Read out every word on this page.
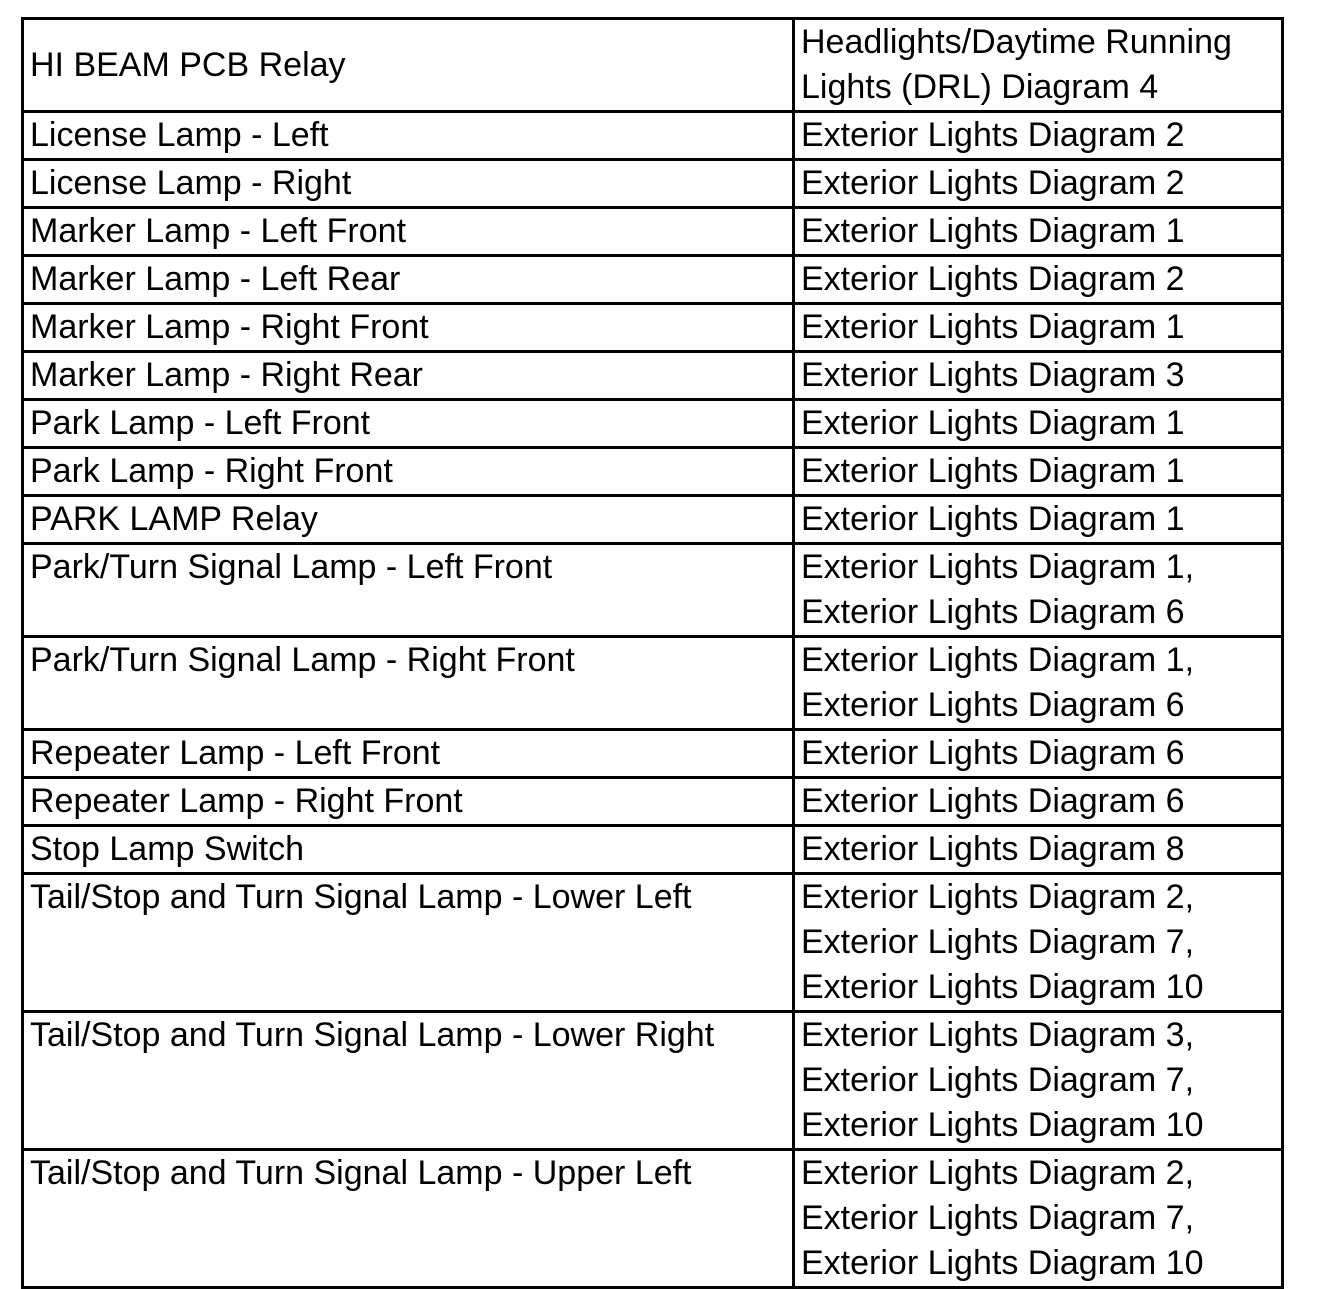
HI BEAM PCB Relay	Headlights/Daytime Running
Lights (DRL) Diagram 4

License Lamp - Left	Exterior Lights Diagram 2

License Lamp - Right	Exterior Lights Diagram 2

Marker Lamp - Left Front	Exterior Lights Diagram 1

Marker Lamp - Left Rear	Exterior Lights Diagram 2

Marker Lamp - Right Front	Exterior Lights Diagram 1

Marker Lamp - Right Rear	Exterior Lights Diagram 3

Park Lamp - Left Front	Exterior Lights Diagram 1

Park Lamp - Right Front	Exterior Lights Diagram 1

PARK LAMP Relay	Exterior Lights Diagram 1

Park/Turn Signal Lamp - Left Front	Exterior Lights Diagram 1,
Exterior Lights Diagram 6

Park/Turn Signal Lamp - Right Front	Exterior Lights Diagram 1,
Exterior Lights Diagram 6

Repeater Lamp - Left Front	Exterior Lights Diagram 6

Repeater Lamp - Right Front	Exterior Lights Diagram 6

Stop Lamp Switch	Exterior Lights Diagram 8

Tail/Stop and Turn Signal Lamp - Lower Left	Exterior Lights Diagram 2,
Exterior Lights Diagram 7,
Exterior Lights Diagram 10

Tail/Stop and Turn Signal Lamp - Lower Right	Exterior Lights Diagram 3,
Exterior Lights Diagram 7,
Exterior Lights Diagram 10

Tail/Stop and Turn Signal Lamp - Upper Left	Exterior Lights Diagram 2,
Exterior Lights Diagram 7,
Exterior Lights Diagram 10
